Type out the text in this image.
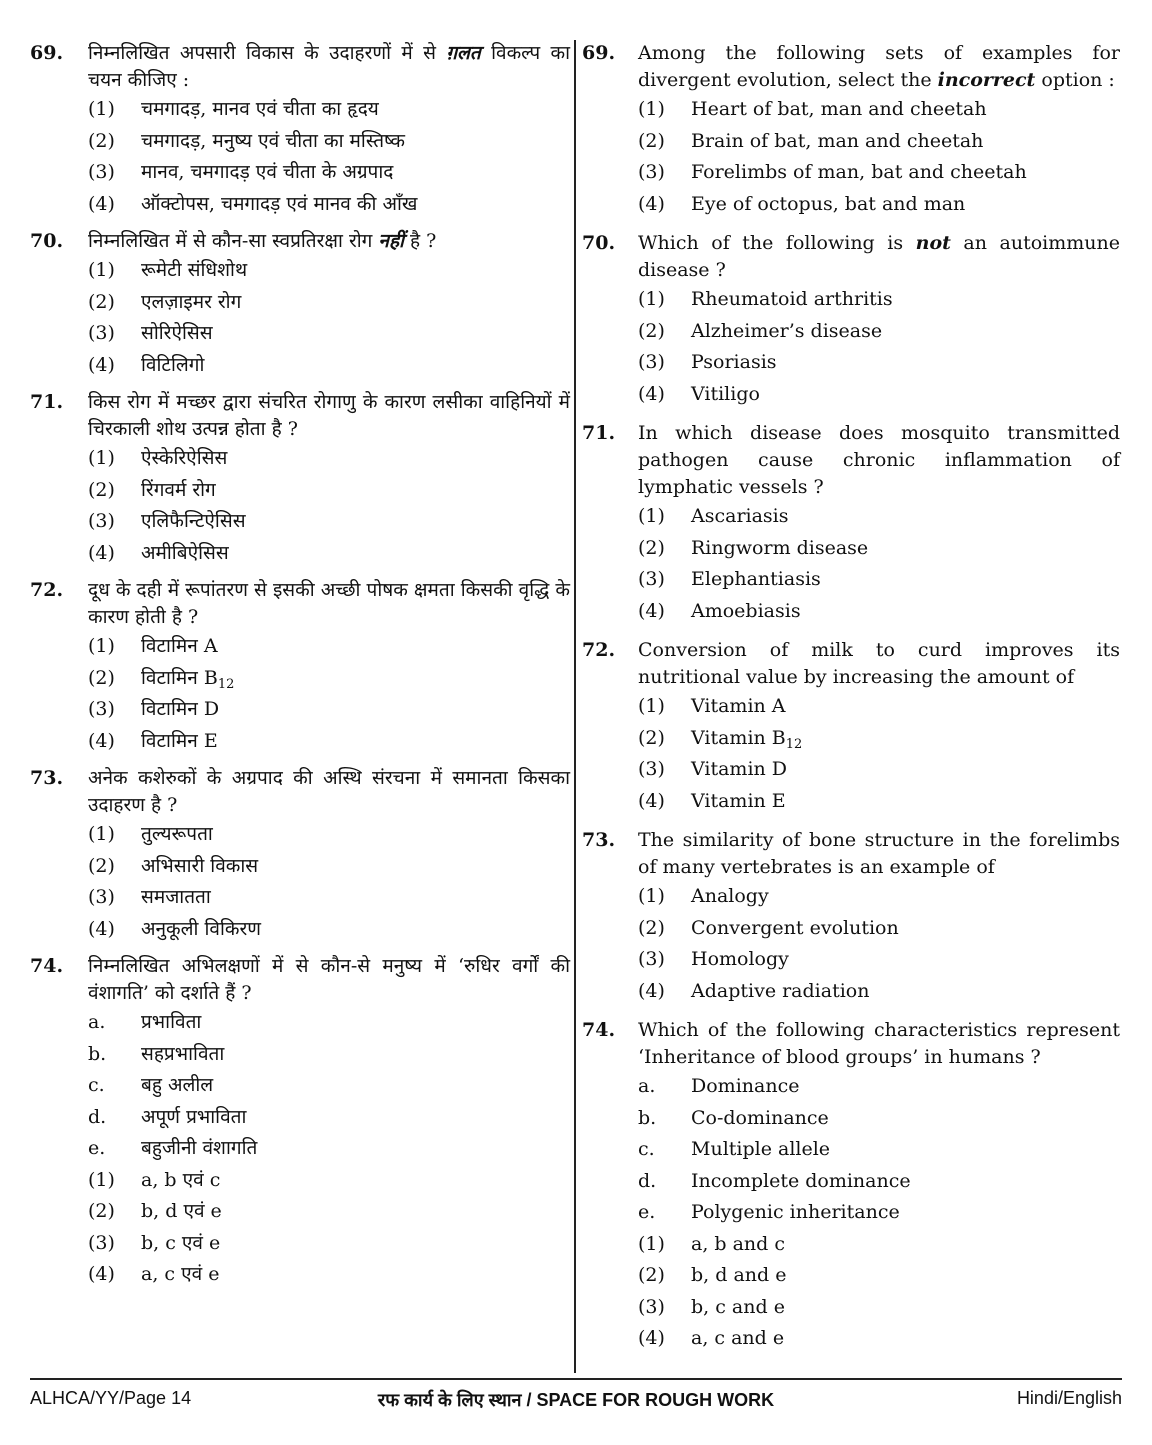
69.	निम्नलिखित अपसारी विकास के उदाहरणों में से ग़लत विकल्प का चयन कीजिए :
(1)	चमगादड़, मानव एवं चीता का हृदय
(2)	चमगादड़, मनुष्य एवं चीता का मस्तिष्क
(3)	मानव, चमगादड़ एवं चीता के अग्रपाद
(4)	ऑक्टोपस, चमगादड़ एवं मानव की आँख
70.	निम्नलिखित में से कौन-सा स्वप्रतिरक्षा रोग नहीं है ?
(1)	रूमेटी संधिशोथ
(2)	एलज़ाइमर रोग
(3)	सोरिऐसिस
(4)	विटिलिगो
71.	किस रोग में मच्छर द्वारा संचरित रोगाणु के कारण लसीका वाहिनियों में चिरकाली शोथ उत्पन्न होता है ?
(1)	ऐस्केरिऐसिस
(2)	रिंगवर्म रोग
(3)	एलिफैन्टिऐसिस
(4)	अमीबिऐसिस
72.	दूध के दही में रूपांतरण से इसकी अच्छी पोषक क्षमता किसकी वृद्धि के कारण होती है ?
(1)	विटामिन A
(2)	विटामिन $B_{12}$
(3)	विटामिन D
(4)	विटामिन E
73.	अनेक कशेरुकों के अग्रपाद की अस्थि संरचना में समानता किसका उदाहरण है ?
(1)	तुल्यरूपता
(2)	अभिसारी विकास
(3)	समजातता
(4)	अनुकूली विकिरण
74.	निम्नलिखित अभिलक्षणों में से कौन-से मनुष्य में ‘रुधिर वर्गों की वंशागति’ को दर्शाते हैं ?
a.	प्रभाविता
b.	सहप्रभाविता
c.	बहु अलील
d.	अपूर्ण प्रभाविता
e.	बहुजीनी वंशागति
(1)	a, b एवं c
(2)	b, d एवं e
(3)	b, c एवं e
(4)	a, c एवं e
69.	Among the following sets of examples for divergent evolution, select the incorrect option :
(1)	Heart of bat, man and cheetah
(2)	Brain of bat, man and cheetah
(3)	Forelimbs of man, bat and cheetah
(4)	Eye of octopus, bat and man
70.	Which of the following is not an autoimmune disease ?
(1)	Rheumatoid arthritis
(2)	Alzheimer’s disease
(3)	Psoriasis
(4)	Vitiligo
71.	In which disease does mosquito transmitted pathogen cause chronic inflammation of lymphatic vessels ?
(1)	Ascariasis
(2)	Ringworm disease
(3)	Elephantiasis
(4)	Amoebiasis
72.	Conversion of milk to curd improves its nutritional value by increasing the amount of
(1)	Vitamin A
(2)	Vitamin $B_{12}$
(3)	Vitamin D
(4)	Vitamin E
73.	The similarity of bone structure in the forelimbs of many vertebrates is an example of
(1)	Analogy
(2)	Convergent evolution
(3)	Homology
(4)	Adaptive radiation
74.	Which of the following characteristics represent ‘Inheritance of blood groups’ in humans ?
a.	Dominance
b.	Co-dominance
c.	Multiple allele
d.	Incomplete dominance
e.	Polygenic inheritance
(1)	a, b and c
(2)	b, d and e
(3)	b, c and e
(4)	a, c and e
ALHCA/YY/Page 14	रफ कार्य के लिए स्थान / SPACE FOR ROUGH WORK	Hindi/English
